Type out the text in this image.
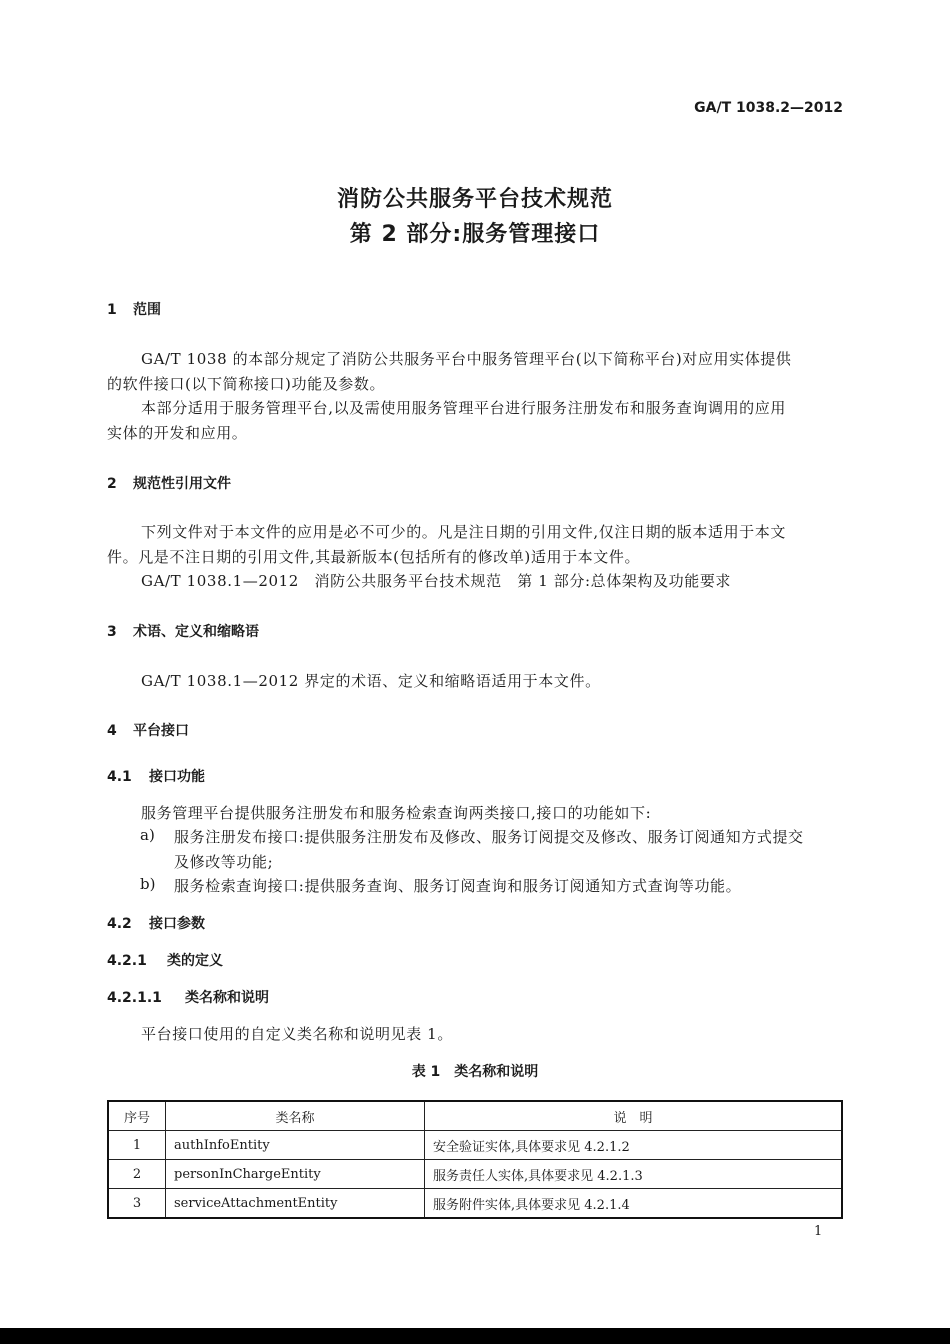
GA/T 1038.2—2012
消防公共服务平台技术规范
第 2 部分:服务管理接口
1 范围
GA/T 1038 的本部分规定了消防公共服务平台中服务管理平台(以下简称平台)对应用实体提供
的软件接口(以下简称接口)功能及参数。
本部分适用于服务管理平台,以及需使用服务管理平台进行服务注册发布和服务查询调用的应用
实体的开发和应用。
2 规范性引用文件
下列文件对于本文件的应用是必不可少的。凡是注日期的引用文件,仅注日期的版本适用于本文
件。凡是不注日期的引用文件,其最新版本(包括所有的修改单)适用于本文件。
GA/T 1038.1—2012　消防公共服务平台技术规范　第 1 部分:总体架构及功能要求
3 术语、定义和缩略语
GA/T 1038.1—2012 界定的术语、定义和缩略语适用于本文件。
4 平台接口
4.1 接口功能
服务管理平台提供服务注册发布和服务检索查询两类接口,接口的功能如下:
a) 服务注册发布接口:提供服务注册发布及修改、服务订阅提交及修改、服务订阅通知方式提交
及修改等功能;
b) 服务检索查询接口:提供服务查询、服务订阅查询和服务订阅通知方式查询等功能。
4.2 接口参数
4.2.1 类的定义
4.2.1.1 类名称和说明
平台接口使用的自定义类名称和说明见表 1。
表 1　类名称和说明
序号	类名称	说　明
1	authInfoEntity	安全验证实体,具体要求见 4.2.1.2
2	personInChargeEntity	服务责任人实体,具体要求见 4.2.1.3
3	serviceAttachmentEntity	服务附件实体,具体要求见 4.2.1.4
1
